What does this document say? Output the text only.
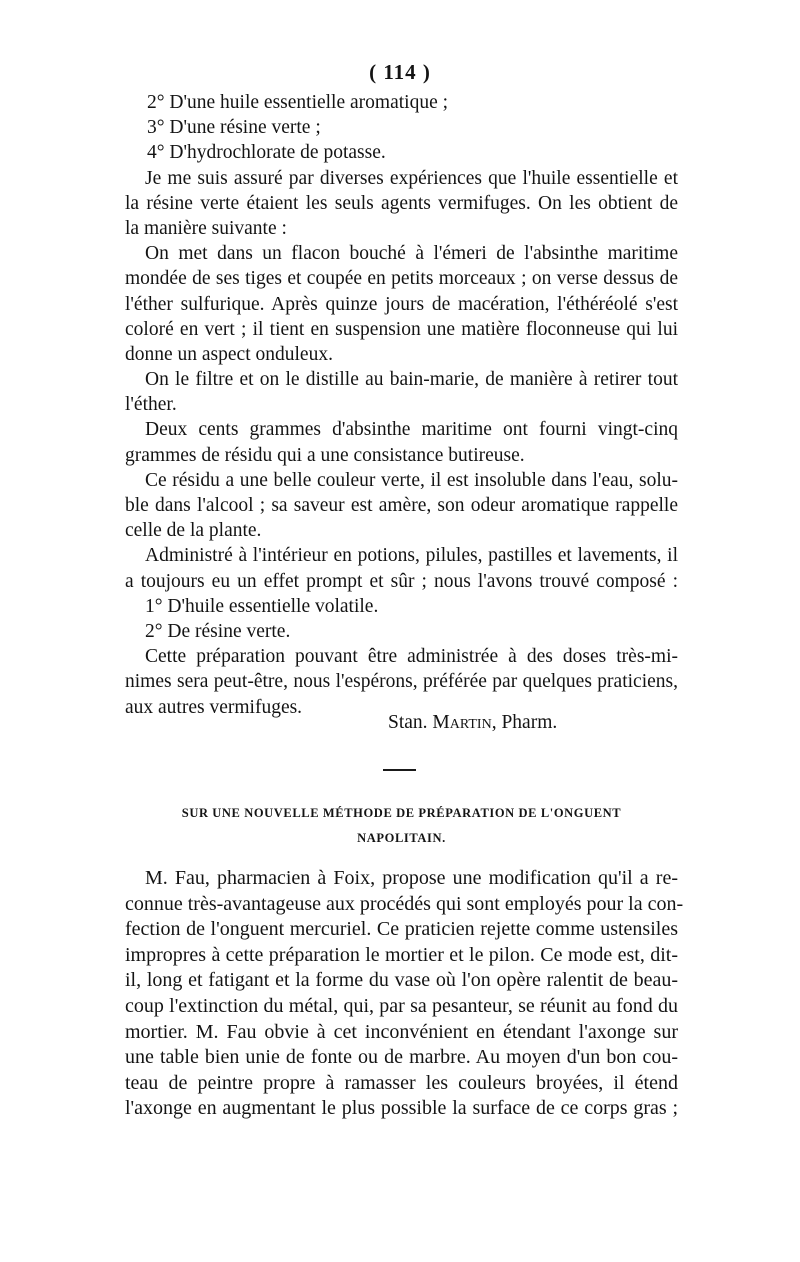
( 114 )
2° D'une huile essentielle aromatique ;
3° D'une résine verte ;
4° D'hydrochlorate de potasse.
Je me suis assuré par diverses expériences que l'huile essentielle et
la résine verte étaient les seuls agents vermifuges. On les obtient de
la manière suivante :
On met dans un flacon bouché à l'émeri de l'absinthe maritime
mondée de ses tiges et coupée en petits morceaux ; on verse dessus de
l'éther sulfurique. Après quinze jours de macération, l'éthéréolé s'est
coloré en vert ; il tient en suspension une matière floconneuse qui lui
donne un aspect onduleux.
On le filtre et on le distille au bain-marie, de manière à retirer tout
l'éther.
Deux cents grammes d'absinthe maritime ont fourni vingt-cinq
grammes de résidu qui a une consistance butireuse.
Ce résidu a une belle couleur verte, il est insoluble dans l'eau, solu-
ble dans l'alcool ; sa saveur est amère, son odeur aromatique rappelle
celle de la plante.
Administré à l'intérieur en potions, pilules, pastilles et lavements, il
a toujours eu un effet prompt et sûr ; nous l'avons trouvé composé :
1° D'huile essentielle volatile.
2° De résine verte.
Cette préparation pouvant être administrée à des doses très-mi-
nimes sera peut-être, nous l'espérons, préférée par quelques praticiens,
aux autres vermifuges.
Stan. Martin, Pharm.
SUR UNE NOUVELLE MÉTHODE DE PRÉPARATION DE L'ONGUENT
NAPOLITAIN.
M. Fau, pharmacien à Foix, propose une modification qu'il a re-
connue très-avantageuse aux procédés qui sont employés pour la con-
fection de l'onguent mercuriel. Ce praticien rejette comme ustensiles
impropres à cette préparation le mortier et le pilon. Ce mode est, dit-
il, long et fatigant et la forme du vase où l'on opère ralentit de beau-
coup l'extinction du métal, qui, par sa pesanteur, se réunit au fond du
mortier. M. Fau obvie à cet inconvénient en étendant l'axonge sur
une table bien unie de fonte ou de marbre. Au moyen d'un bon cou-
teau de peintre propre à ramasser les couleurs broyées, il étend
l'axonge en augmentant le plus possible la surface de ce corps gras ;
